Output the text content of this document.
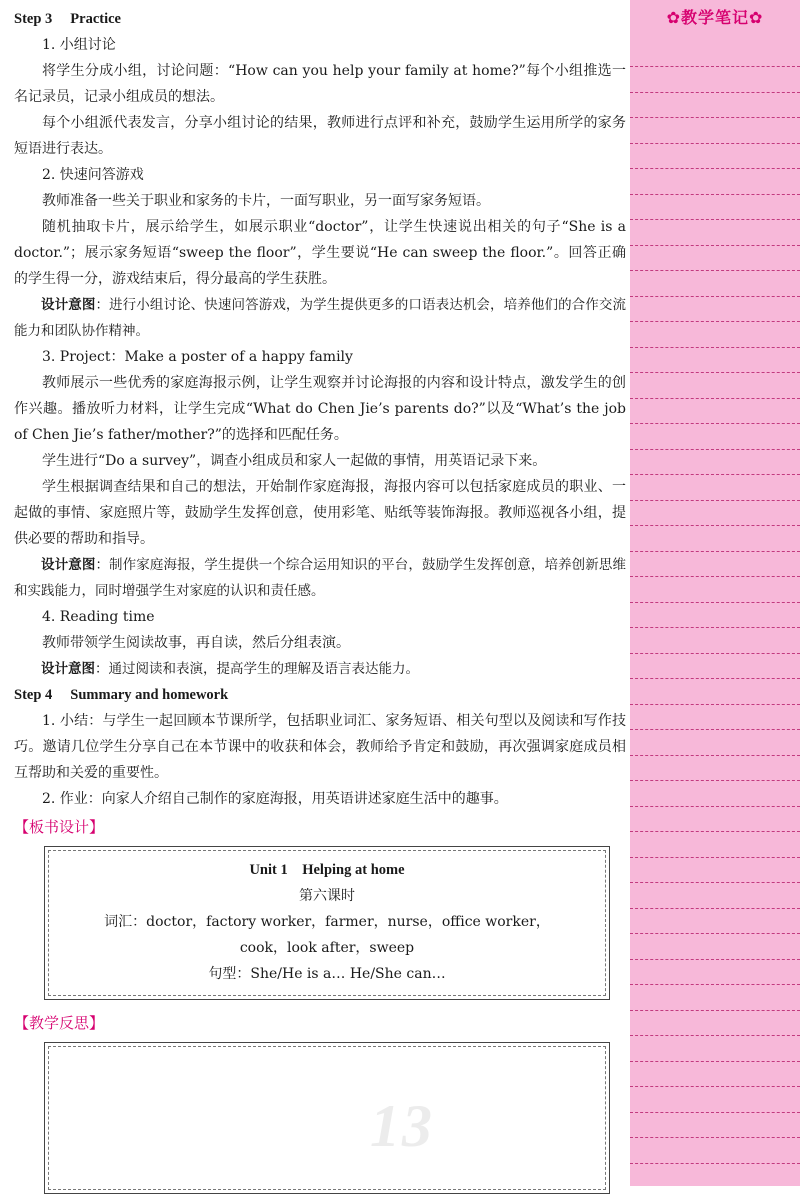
Step 3 Practice

1. 小组讨论

将学生分成小组，讨论问题：“How can you help your family at home?”每个小组推选一名记录员，记录小组成员的想法。

每个小组派代表发言，分享小组讨论的结果，教师进行点评和补充，鼓励学生运用所学的家务短语进行表达。

2. 快速问答游戏

教师准备一些关于职业和家务的卡片，一面写职业，另一面写家务短语。

随机抽取卡片，展示给学生，如展示职业“doctor”，让学生快速说出相关的句子“She is a doctor.”；展示家务短语“sweep the floor”，学生要说“He can sweep the floor.”。回答正确的学生得一分，游戏结束后，得分最高的学生获胜。

设计意图：进行小组讨论、快速问答游戏，为学生提供更多的口语表达机会，培养他们的合作交流能力和团队协作精神。

3. Project：Make a poster of a happy family

教师展示一些优秀的家庭海报示例，让学生观察并讨论海报的内容和设计特点，激发学生的创作兴趣。播放听力材料，让学生完成“What do Chen Jie’s parents do?”以及“What’s the job of Chen Jie’s father/mother?”的选择和匹配任务。

学生进行“Do a survey”，调查小组成员和家人一起做的事情，用英语记录下来。

学生根据调查结果和自己的想法，开始制作家庭海报，海报内容可以包括家庭成员的职业、一起做的事情、家庭照片等，鼓励学生发挥创意，使用彩笔、贴纸等装饰海报。教师巡视各小组，提供必要的帮助和指导。

设计意图：制作家庭海报，学生提供一个综合运用知识的平台，鼓励学生发挥创意，培养创新思维和实践能力，同时增强学生对家庭的认识和责任感。

4. Reading time

教师带领学生阅读故事，再自读，然后分组表演。

设计意图：通过阅读和表演，提高学生的理解及语言表达能力。

Step 4 Summary and homework

1. 小结：与学生一起回顾本节课所学，包括职业词汇、家务短语、相关句型以及阅读和写作技巧。邀请几位学生分享自己在本节课中的收获和体会，教师给予肯定和鼓励，再次强调家庭成员相互帮助和关爱的重要性。

2. 作业：向家人介绍自己制作的家庭海报，用英语讲述家庭生活中的趣事。

【板书设计】
Unit 1　Helping at home
第六课时
词汇：doctor，factory worker，farmer，nurse，office worker，
cook，look after，sweep
句型：She/He is a… He/She can…
【教学反思】
✿教学笔记✿
13
